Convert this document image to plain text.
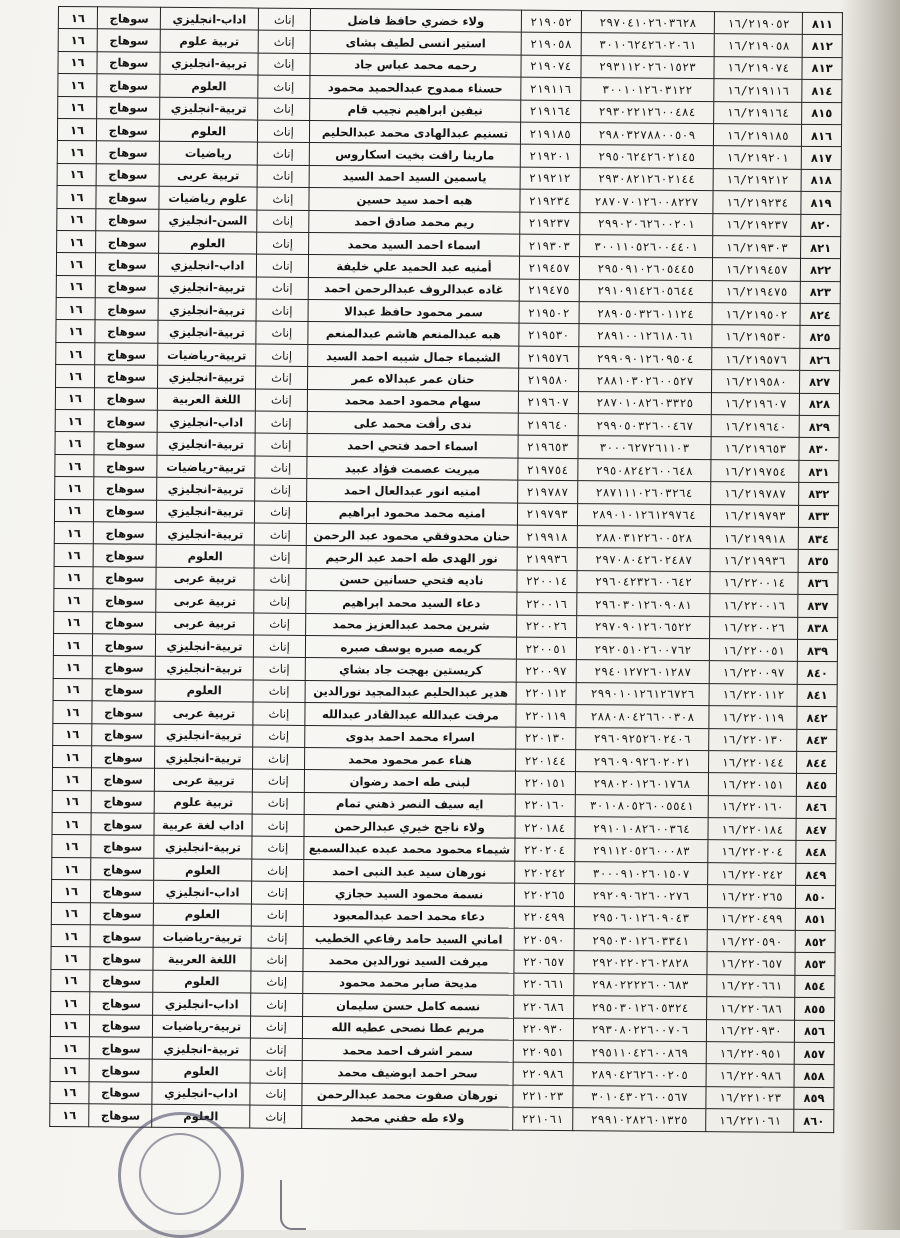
٨١١	١٦/٢١٩٠٥٢	٢٩٧٠٤١٠٢٦٠٣٦٢٨	٢١٩٠٥٢	ولاء خضري حافظ فاضل	إناث	اداب-انجليزي	سوهاج	١٦
٨١٢	١٦/٢١٩٠٥٨	٣٠١٠٦٢٤٢٦٠٢٠٦١	٢١٩٠٥٨	استير انسى لطيف بشاى	إناث	تربية علوم	سوهاج	١٦
٨١٣	١٦/٢١٩٠٧٤	٢٩٣١١٢٠٢٦٠١٥٢٣	٢١٩٠٧٤	رحمه محمد عباس جاد	إناث	تربية-انجليزي	سوهاج	١٦
٨١٤	١٦/٢١٩١١٦	٣٠٠١٠١٢٦٠٣١٢٢	٢١٩١١٦	حسناء ممدوح عبدالحميد محمود	إناث	العلوم	سوهاج	١٦
٨١٥	١٦/٢١٩١٦٤	٢٩٣٠٢٢١٢٦٠٠٤٨٤	٢١٩١٦٤	نيفين ابراهيم نجيب قام	إناث	تربية-انجليزي	سوهاج	١٦
٨١٦	١٦/٢١٩١٨٥	٢٩٨٠٣٢٧٨٨٠٠٥٠٩	٢١٩١٨٥	تسنيم عبدالهادى محمد عبدالحليم	إناث	العلوم	سوهاج	١٦
٨١٧	١٦/٢١٩٢٠١	٢٩٥٠٦٢٤٢٦٠٢١٤٥	٢١٩٢٠١	مارينا رافت بخيت اسكاروس	إناث	رياضيات	سوهاج	١٦
٨١٨	١٦/٢١٩٢١٢	٢٩٣٠٨٢١٢٦٠٢١٤٤	٢١٩٢١٢	ياسمين السيد احمد السيد	إناث	تربية عربى	سوهاج	١٦
٨١٩	١٦/٢١٩٢٣٤	٢٨٧٠٧٠١٢٦٠٠٨٢٢٧	٢١٩٢٣٤	هبه احمد سيد حسين	إناث	علوم رياضيات	سوهاج	١٦
٨٢٠	١٦/٢١٩٢٣٧	٢٩٩٠٢٠٦٢٦٠٠٢٠١	٢١٩٢٣٧	ريم محمد صادق احمد	إناث	السن-انجليزي	سوهاج	١٦
٨٢١	١٦/٢١٩٣٠٣	٣٠٠١١٠٥٢٦٠٠٤٤٠١	٢١٩٣٠٣	اسماء احمد السيد محمد	إناث	العلوم	سوهاج	١٦
٨٢٢	١٦/٢١٩٤٥٧	٢٩٥٠٩١٠٢٦٠٥٤٤٥	٢١٩٤٥٧	أمنيه عبد الحميد علي خليفة	إناث	اداب-انجليزي	سوهاج	١٦
٨٢٣	١٦/٢١٩٤٧٥	٢٩١٠٩١٤٢٦٠٥٦٤٤	٢١٩٤٧٥	غاده عبدالروف عبدالرحمن احمد	إناث	تربية-انجليزي	سوهاج	١٦
٨٢٤	١٦/٢١٩٥٠٢	٢٨٩٠٥٠٣٢٦٠١١٢٤	٢١٩٥٠٢	سمر محمود حافظ عبدالا	إناث	تربية-انجليزي	سوهاج	١٦
٨٢٥	١٦/٢١٩٥٣٠	٢٨٩١٠٠١٢٦١٨٠٦١	٢١٩٥٣٠	هبه عبدالمنعم هاشم عبدالمنعم	إناث	تربية-انجليزي	سوهاج	١٦
٨٢٦	١٦/٢١٩٥٧٦	٢٩٩٠٩٠١٢٦٠٩٥٠٤	٢١٩٥٧٦	الشيماء جمال شيبه احمد السيد	إناث	تربية-رياضيات	سوهاج	١٦
٨٢٧	١٦/٢١٩٥٨٠	٢٨٨١٠٣٠٢٦٠٠٥٢٧	٢١٩٥٨٠	حنان عمر عبدالاه عمر	إناث	تربية-انجليزي	سوهاج	١٦
٨٢٨	١٦/٢١٩٦٠٧	٢٨٧٠١٠٨٢٦٠٣٣٢٥	٢١٩٦٠٧	سهام محمود احمد محمد	إناث	اللغة العربية	سوهاج	١٦
٨٢٩	١٦/٢١٩٦٤٠	٢٩٩٠٥٠٣٢٦٠٠٤٦٧	٢١٩٦٤٠	ندى رأفت محمد على	إناث	اداب-انجليزي	سوهاج	١٦
٨٣٠	١٦/٢١٩٦٥٣	٣٠٠٠٦٢٧٢٦١١٠٣	٢١٩٦٥٣	اسماء احمد فتحي احمد	إناث	تربية-انجليزي	سوهاج	١٦
٨٣١	١٦/٢١٩٧٥٤	٢٩٥٠٨٢٤٢٦٠٠٦٤٨	٢١٩٧٥٤	ميريت عصمت فؤاد عبيد	إناث	تربية-رياضيات	سوهاج	١٦
٨٣٢	١٦/٢١٩٧٨٧	٢٨٧١١١٠٢٦٠٣٢٦٤	٢١٩٧٨٧	امنيه انور عبدالعال احمد	إناث	تربية-انجليزي	سوهاج	١٦
٨٣٣	١٦/٢١٩٧٩٣	٢٨٩٠١٠١٢٦١٢٩٧٦٤	٢١٩٧٩٣	امنيه محمد محمود ابراهيم	إناث	تربية-انجليزي	سوهاج	١٦
٨٣٤	١٦/٢١٩٩١٨	٢٨٨٠٣١٢٢٦٠٠٥٢٨	٢١٩٩١٨	حنان محدوفقي محمود عبد الرحمن	إناث	تربية-انجليزي	سوهاج	١٦
٨٣٥	١٦/٢١٩٩٣٦	٢٩٧٠٨٠٤٢٦٠٢٤٨٧	٢١٩٩٣٦	نور الهدى طه احمد عبد الرحيم	إناث	العلوم	سوهاج	١٦
٨٣٦	١٦/٢٢٠٠١٤	٢٩٦٠٤٢٣٢٦٠٠٦٤٢	٢٢٠٠١٤	ناديه فتحي حسانين حسن	إناث	تربية عربى	سوهاج	١٦
٨٣٧	١٦/٢٢٠٠١٦	٢٩٦٠٣٠١٢٦٠٩٠٨١	٢٢٠٠١٦	دعاء السيد محمد ابراهيم	إناث	تربية عربى	سوهاج	١٦
٨٣٨	١٦/٢٢٠٠٢٦	٢٩٧٠٩٠١٢٦٠٦٥٢٢	٢٢٠٠٢٦	شرين محمد عبدالعزيز محمد	إناث	تربية عربى	سوهاج	١٦
٨٣٩	١٦/٢٢٠٠٥١	٢٩٢٠٥١٠٢٦٠٠٧٦٢	٢٢٠٠٥١	كريمه صبره يوسف صبره	إناث	تربية-انجليزي	سوهاج	١٦
٨٤٠	١٦/٢٢٠٠٩٧	٢٩٤٠١٢٧٢٦٠١٢٨٧	٢٢٠٠٩٧	كريستين بهجت جاد بشاي	إناث	تربية-انجليزي	سوهاج	١٦
٨٤١	١٦/٢٢٠١١٢	٢٩٩٠١٠١٢٦١٢٦٧٢٦	٢٢٠١١٢	هدير عبدالحليم عبدالمجيد نورالدين	إناث	العلوم	سوهاج	١٦
٨٤٢	١٦/٢٢٠١١٩	٢٨٨٠٨٠٤٢٦٦٠٠٣٠٨	٢٢٠١١٩	مرفت عبدالله عبدالقادر عبدالله	إناث	تربية عربى	سوهاج	١٦
٨٤٣	١٦/٢٢٠١٣٠	٢٩٦٠٩٢٥٢٦٠٢٤٠٦	٢٢٠١٣٠	اسراء محمد احمد بدوى	إناث	تربية-انجليزي	سوهاج	١٦
٨٤٤	١٦/٢٢٠١٤٤	٢٩٦٠٩٠٩٢٦٠٢٠٢١	٢٢٠١٤٤	هناء عمر محمود محمد	إناث	تربية-انجليزي	سوهاج	١٦
٨٤٥	١٦/٢٢٠١٥١	٢٩٨٠٢٠١٢٦٠١٧٦٨	٢٢٠١٥١	لبنى طه احمد رضوان	إناث	تربية عربى	سوهاج	١٦
٨٤٦	١٦/٢٢٠١٦٠	٣٠١٠٨٠٥٢٦٠٠٥٥٤١	٢٢٠١٦٠	ايه سيف النصر ذهني تمام	إناث	تربية علوم	سوهاج	١٦
٨٤٧	١٦/٢٢٠١٨٤	٢٩١٠١٠٨٢٦٠٠٣٦٤	٢٢٠١٨٤	ولاء ناجح خيري عبدالرحمن	إناث	اداب لغة عربية	سوهاج	١٦
٨٤٨	١٦/٢٢٠٢٠٤	٢٩١١٢٠٥٢٦٠٠٠٨٣	٢٢٠٢٠٤	شيماء محمود محمد عبده عبدالسميع	إناث	تربية-انجليزي	سوهاج	١٦
٨٤٩	١٦/٢٢٠٢٤٢	٣٠٠٠٩١٠٢٦٠١٥٠٧	٢٢٠٢٤٢	نورهان سيد عبد النبى احمد	إناث	العلوم	سوهاج	١٦
٨٥٠	١٦/٢٢٠٢٦٥	٢٩٢٠٩٠٦٢٦٠٠٢٧٦	٢٢٠٢٦٥	نسمة محمود السيد حجازي	إناث	اداب-انجليزي	سوهاج	١٦
٨٥١	١٦/٢٢٠٤٩٩	٢٩٥٠٦٠١٢٦٠٩٠٤٣	٢٢٠٤٩٩	دعاء محمد احمد عبدالمعبود	إناث	العلوم	سوهاج	١٦
٨٥٢	١٦/٢٢٠٥٩٠	٢٩٥٠٣٠١٢٦٠٣٣٤١	٢٢٠٥٩٠	اماني السيد حامد رفاعي الخطيب	إناث	تربية-رياضيات	سوهاج	١٦
٨٥٣	١٦/٢٢٠٦٥٧	٢٩٢٠٢٢٠٢٦٠٢٨٢٨	٢٢٠٦٥٧	ميرفت السيد نورالدين محمد	إناث	اللغة العربية	سوهاج	١٦
٨٥٤	١٦/٢٢٠٦٦١	٢٩٨٠٢٢٢٢٦٠٠٦٨٣	٢٢٠٦٦١	مديحة صابر محمد محمود	إناث	العلوم	سوهاج	١٦
٨٥٥	١٦/٢٢٠٦٨٦	٢٩٥٠٣٠١٢٦٠٥٣٢٤	٢٢٠٦٨٦	نسمه كامل حسن سليمان	إناث	اداب-انجليزي	سوهاج	١٦
٨٥٦	١٦/٢٢٠٩٣٠	٢٩٣٠٨٠٢٢٦٠٠٧٠٦	٢٢٠٩٣٠	مريم عطا نصحى عطيه الله	إناث	تربية-رياضيات	سوهاج	١٦
٨٥٧	١٦/٢٢٠٩٥١	٢٩٥١١٠٤٢٦٠٠٨٦٩	٢٢٠٩٥١	سمر اشرف احمد محمد	إناث	تربية-انجليزي	سوهاج	١٦
٨٥٨	١٦/٢٢٠٩٨٦	٢٨٩٠٤٢٦٢٦٠٠٢٠٥	٢٢٠٩٨٦	سحر احمد ابوضيف محمد	إناث	العلوم	سوهاج	١٦
٨٥٩	١٦/٢٢١٠٢٣	٣٠١٠٤٣٠٢٦٠٠٥٦٧	٢٢١٠٢٣	نورهان صفوت محمد عبدالرحمن	إناث	اداب-انجليزي	سوهاج	١٦
٨٦٠	١٦/٢٢١٠٦١	٢٩٩١٠٢٨٢٦٠١٣٢٥	٢٢١٠٦١	ولاء طه حفني محمد	إناث	العلوم	سوهاج	١٦
